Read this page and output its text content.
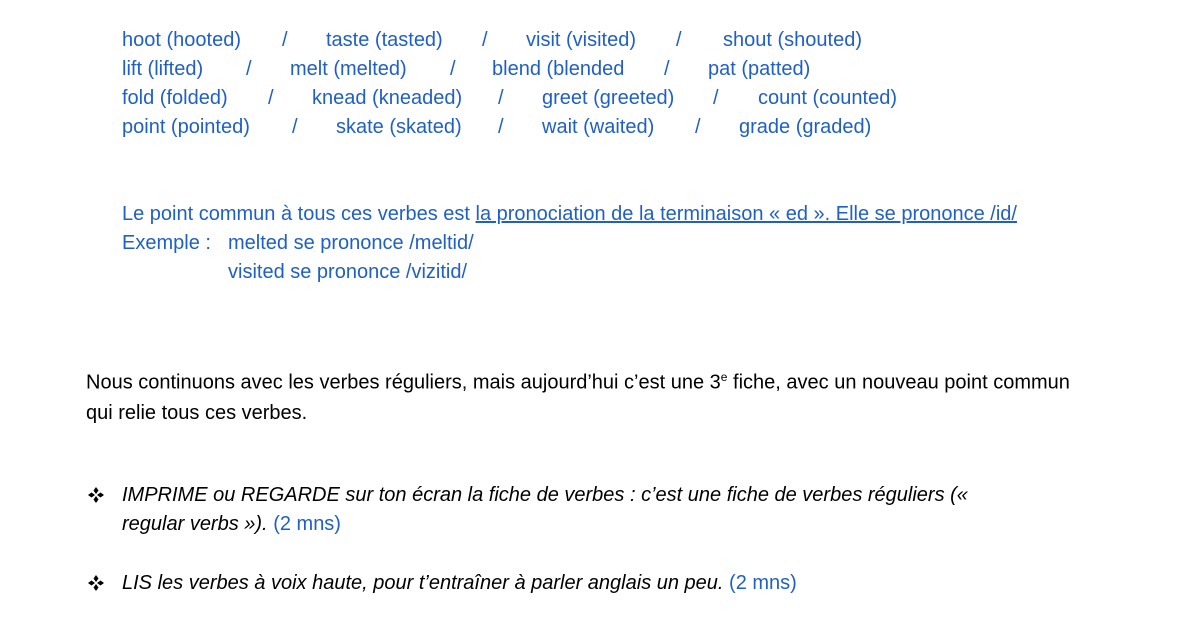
hoot (hooted) / taste (tasted) / visit (visited) / shout (shouted)
lift (lifted) / melt (melted) / blend (blended / pat (patted)
fold (folded) / knead (kneaded) / greet (greeted) / count (counted)
point (pointed) / skate (skated) / wait (waited) / grade (graded)
Le point commun à tous ces verbes est la pronociation de la terminaison « ed ». Elle se prononce /id/
Exemple : melted se prononce /meltid/
visited se prononce /vizitid/
Nous continuons avec les verbes réguliers, mais aujourd’hui c’est une 3e fiche, avec un nouveau point commun qui relie tous ces verbes.
IMPRIME ou REGARDE sur ton écran la fiche de verbes : c’est une fiche de verbes réguliers (« regular verbs »). (2 mns)
LIS les verbes à voix haute, pour t’entraîner à parler anglais un peu. (2 mns)
